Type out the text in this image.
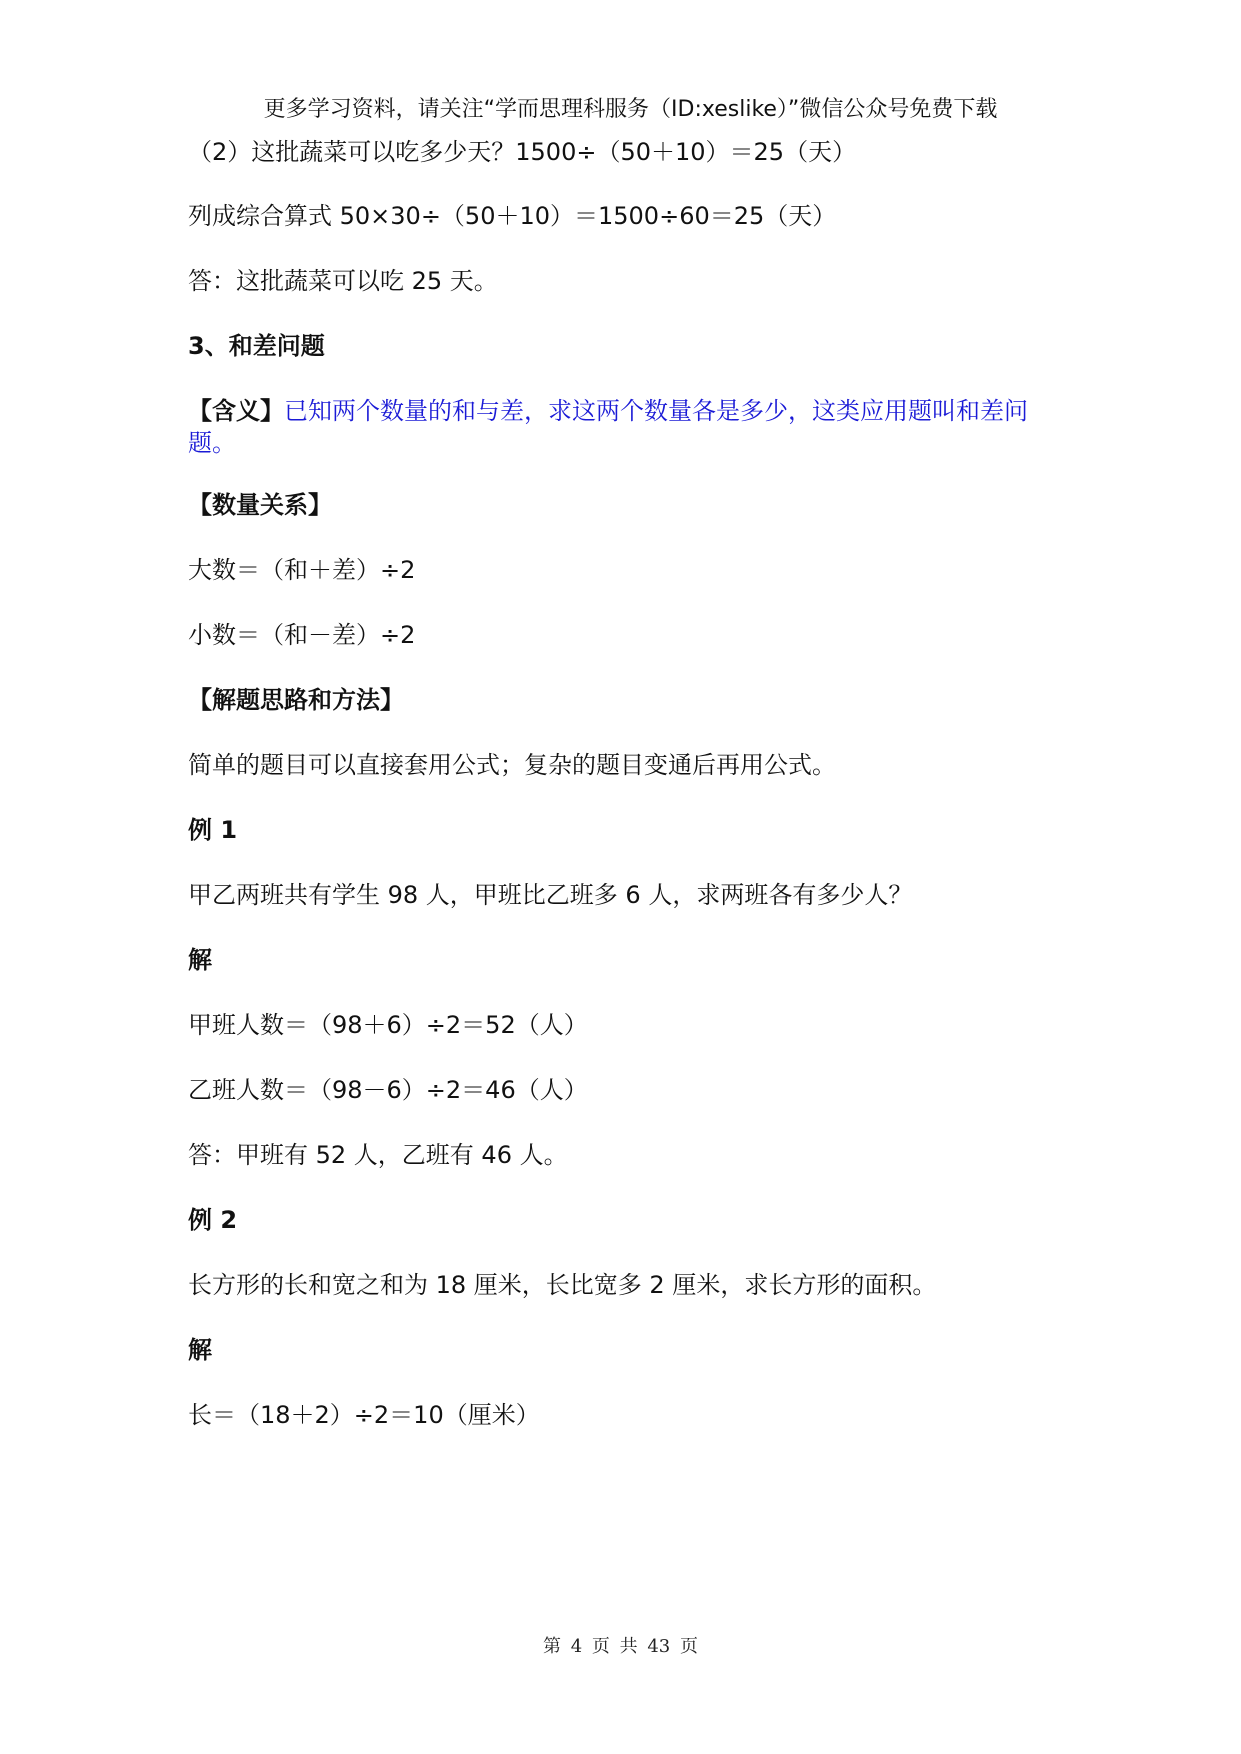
更多学习资料，请关注“学而思理科服务（ID:xeslike）”微信公众号免费下载
（2）这批蔬菜可以吃多少天？1500÷（50＋10）＝25（天）
列成综合算式 50×30÷（50＋10）＝1500÷60＝25（天）
答：这批蔬菜可以吃 25 天。
3、和差问题
【含义】已知两个数量的和与差，求这两个数量各是多少，这类应用题叫和差问题。
【数量关系】
大数＝（和＋差）÷2
小数＝（和－差）÷2
【解题思路和方法】
简单的题目可以直接套用公式；复杂的题目变通后再用公式。
例 1
甲乙两班共有学生 98 人，甲班比乙班多 6 人，求两班各有多少人？
解
甲班人数＝（98＋6）÷2＝52（人）
乙班人数＝（98－6）÷2＝46（人）
答：甲班有 52 人，乙班有 46 人。
例 2
长方形的长和宽之和为 18 厘米，长比宽多 2 厘米，求长方形的面积。
解
长＝（18＋2）÷2＝10（厘米）
第 4 页 共 43 页
